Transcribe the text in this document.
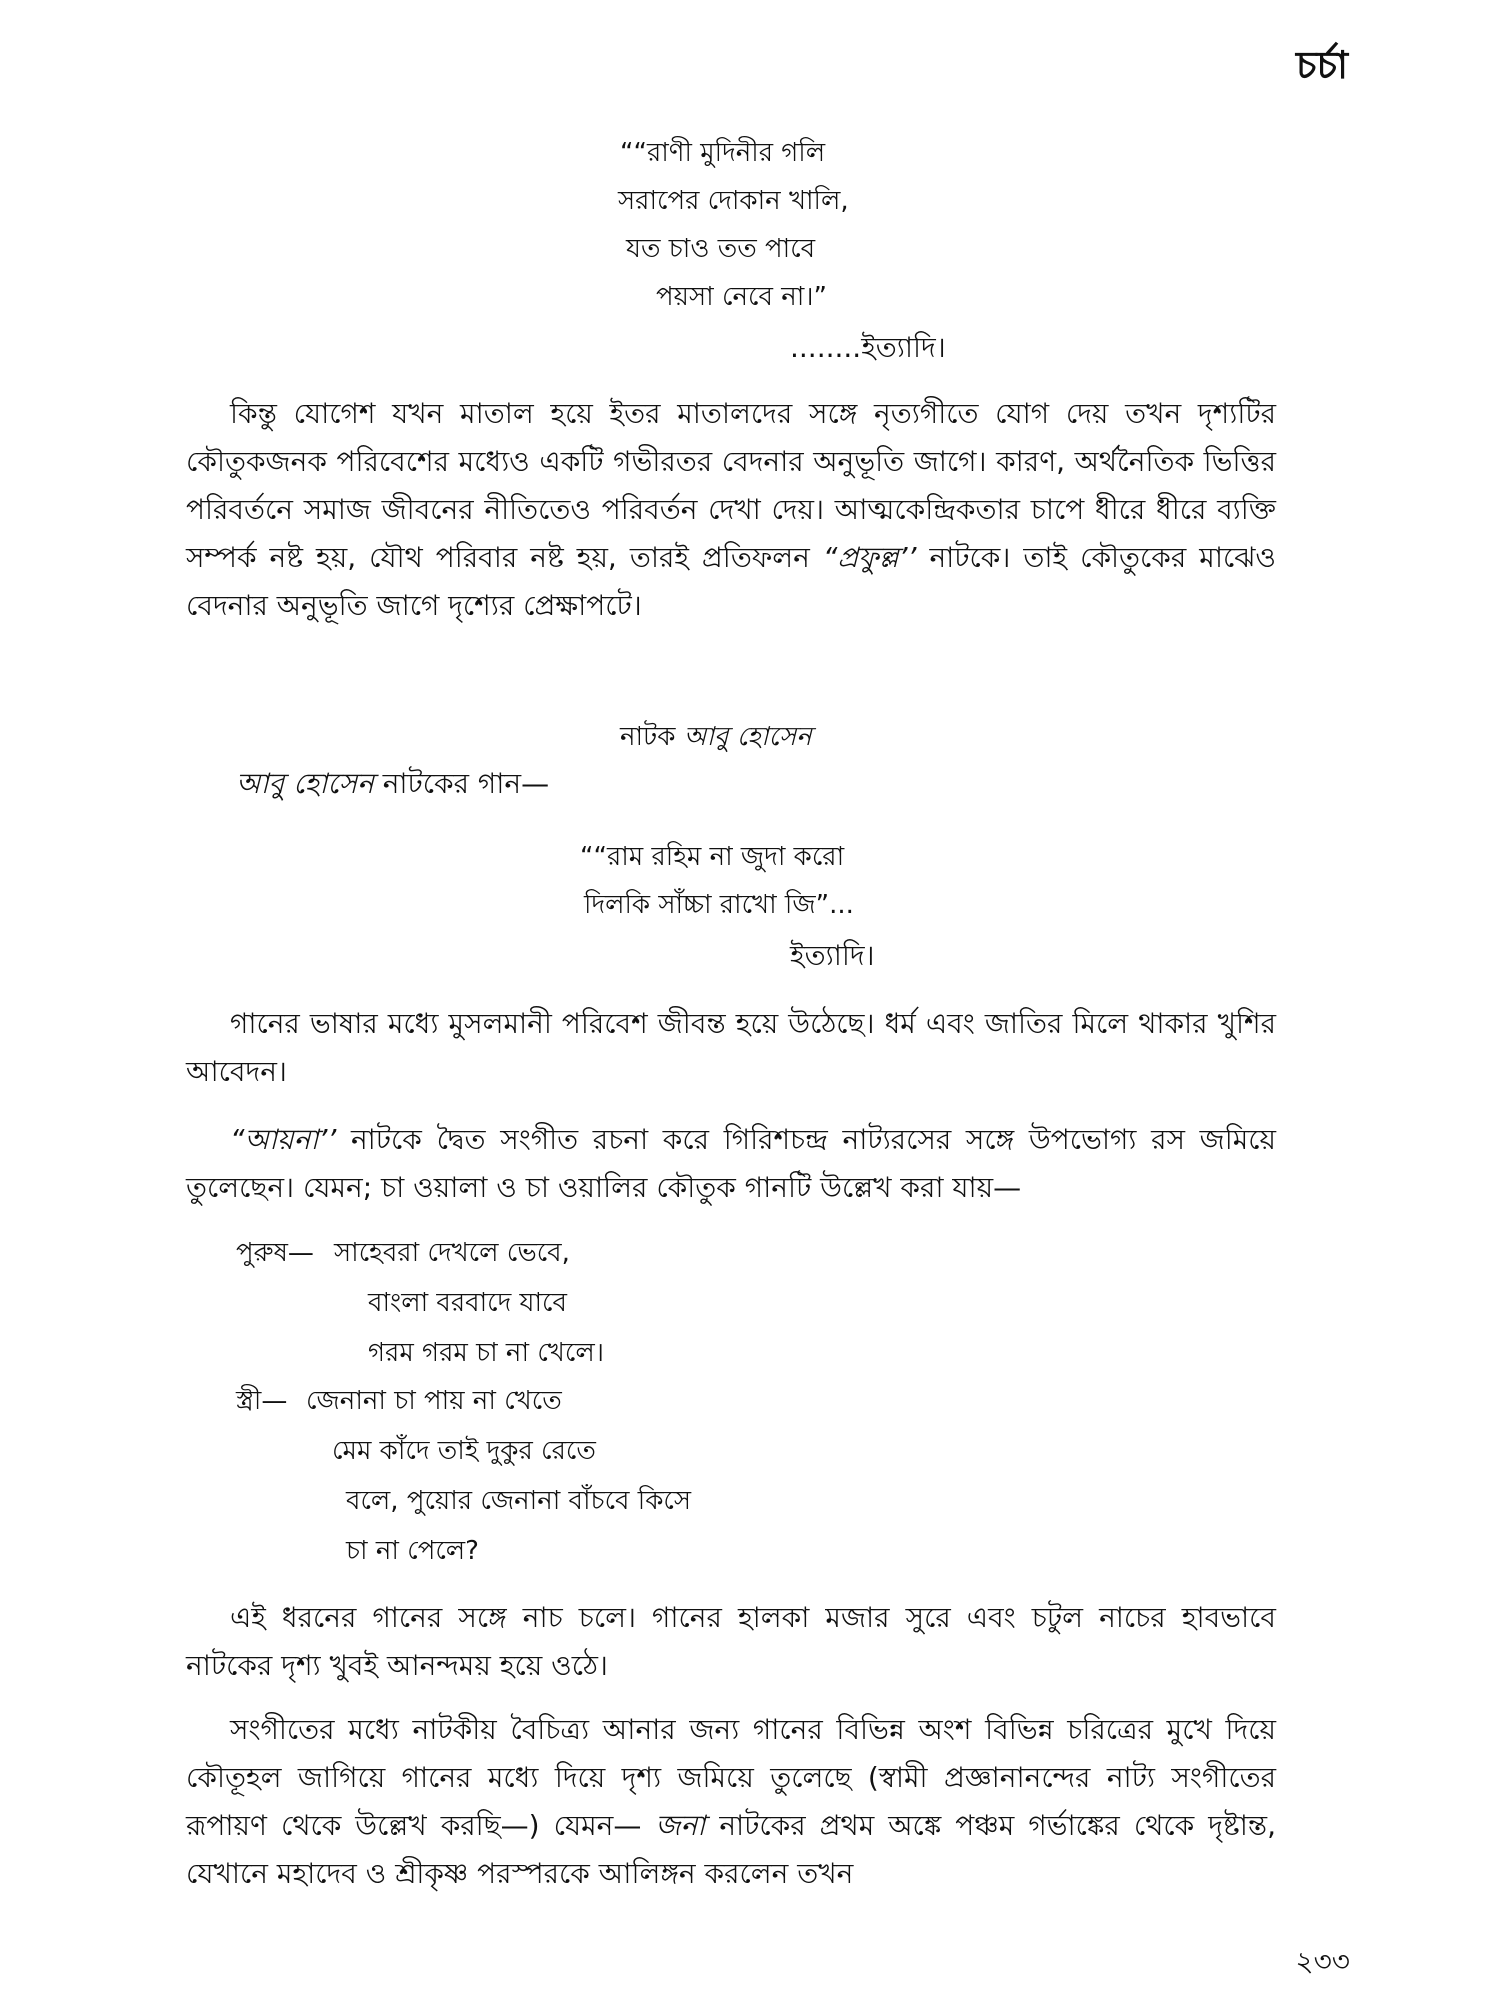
চর্চা
““রাণী মুদিনীর গলি
সরাপের দোকান খালি,
যত চাও তত পাবে
পয়সা নেবে না।”
........ইত্যাদি।

কিন্তু যোগেশ যখন মাতাল হয়ে ইতর মাতালদের সঙ্গে নৃত্যগীতে যোগ দেয় তখন দৃশ্যটির কৌতুকজনক পরিবেশের মধ্যেও একটি গভীরতর বেদনার অনুভূতি জাগে। কারণ, অর্থনৈতিক ভিত্তির পরিবর্তনে সমাজ জীবনের নীতিতেও পরিবর্তন দেখা দেয়। আত্মকেন্দ্রিকতার চাপে ধীরে ধীরে ব্যক্তি সম্পর্ক নষ্ট হয়, যৌথ পরিবার নষ্ট হয়, তারই প্রতিফলন “প্রফুল্ল’’ নাটকে। তাই কৌতুকের মাঝেও বেদনার অনুভূতি জাগে দৃশ্যের প্রেক্ষাপটে।

নাটক আবু হোসেন
আবু হোসেন নাটকের গান—
““রাম রহিম না জুদা করো
দিলকি সাঁচ্চা রাখো জি”...
ইত্যাদি।

গানের ভাষার মধ্যে মুসলমানী পরিবেশ জীবন্ত হয়ে উঠেছে। ধর্ম এবং জাতির মিলে থাকার খুশির আবেদন।

“আয়না’’ নাটকে দ্বৈত সংগীত রচনা করে গিরিশচন্দ্র নাট্যরসের সঙ্গে উপভোগ্য রস জমিয়ে তুলেছেন। যেমন; চা ওয়ালা ও চা ওয়ালির কৌতুক গানটি উল্লেখ করা যায়—

পুরুষ— সাহেবরা দেখলে ভেবে,
বাংলা বরবাদে যাবে
গরম গরম চা না খেলে।
স্ত্রী— জেনানা চা পায় না খেতে
মেম কাঁদে তাই দুকুর রেতে
বলে, পুয়োর জেনানা বাঁচবে কিসে
চা না পেলে?

এই ধরনের গানের সঙ্গে নাচ চলে। গানের হালকা মজার সুরে এবং চটুল নাচের হাবভাবে নাটকের দৃশ্য খুবই আনন্দময় হয়ে ওঠে।

সংগীতের মধ্যে নাটকীয় বৈচিত্র্য আনার জন্য গানের বিভিন্ন অংশ বিভিন্ন চরিত্রের মুখে দিয়ে কৌতূহল জাগিয়ে গানের মধ্যে দিয়ে দৃশ্য জমিয়ে তুলেছে (স্বামী প্রজ্ঞানানন্দের নাট্য সংগীতের রূপায়ণ থেকে উল্লেখ করছি—) যেমন— জনা নাটকের প্রথম অঙ্কে পঞ্চম গর্ভাঙ্কের থেকে দৃষ্টান্ত, যেখানে মহাদেব ও শ্রীকৃষ্ণ পরস্পরকে আলিঙ্গন করলেন তখন

২৩৩
